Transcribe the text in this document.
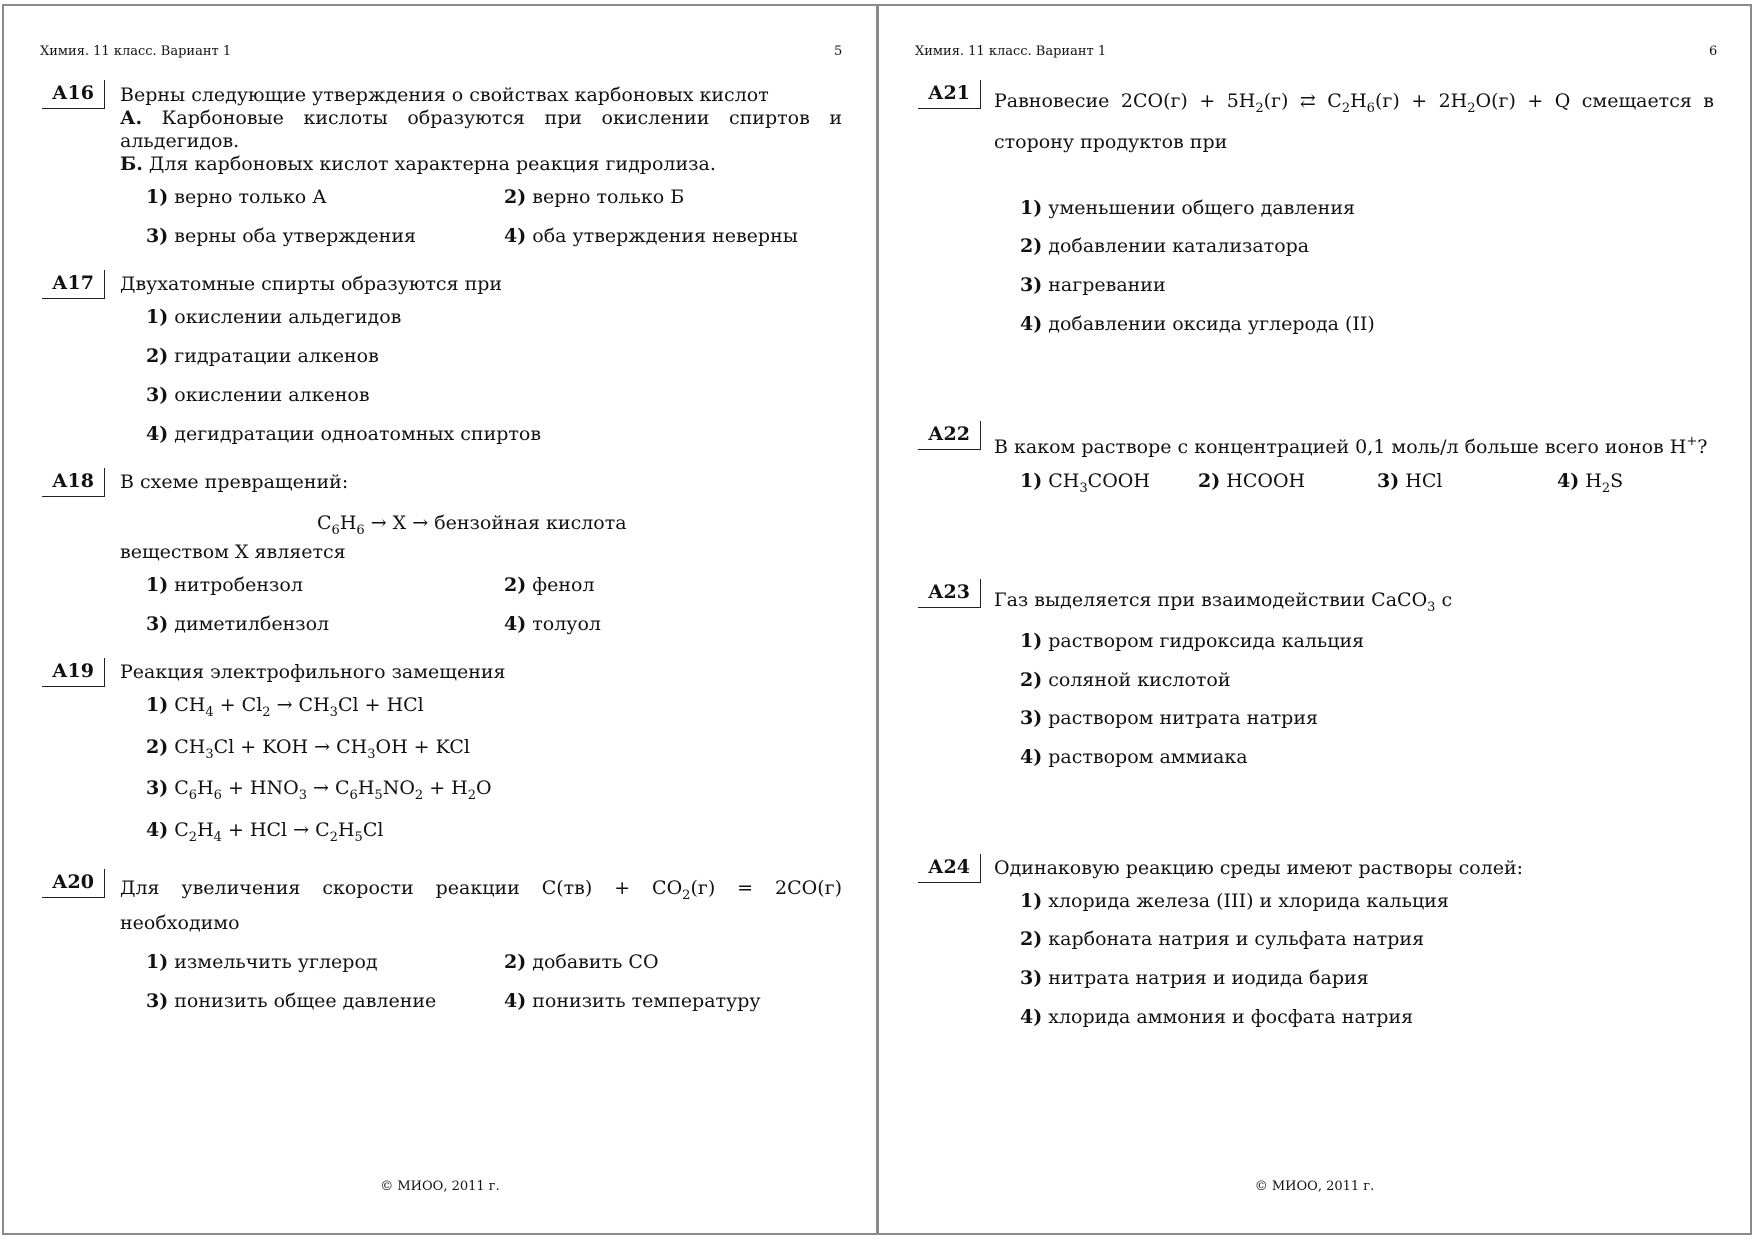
Химия. 11 класс. Вариант 1	5
А16	Верны следующие утверждения о свойствах карбоновых кислот
А. Карбоновые кислоты образуются при окислении спиртов и
альдегидов.
Б. Для карбоновых кислот характерна реакция гидролиза.
1) верно только А	2) верно только Б
3) верны оба утверждения	4) оба утверждения неверны
А17	Двухатомные спирты образуются при
1) окислении альдегидов
2) гидратации алкенов
3) окислении алкенов
4) дегидратации одноатомных спиртов
А18	В схеме превращений:
$C_6H_6 \to X$ → бензойная кислота
веществом X является
1) нитробензол	2) фенол
3) диметилбензол	4) толуол
А19	Реакция электрофильного замещения
1) $CH_4 + Cl_2 \to CH_3Cl$ + HCl
2) $CH_3Cl$ + KOH → $CH_3OH$ + KCl
3) $C_6H_6 + HNO_3 \to C_6H_5NO_2 + H_2O$
4) $C_2H_4$ + HCl → $C_2H_5Cl$
А20	Для увеличения скорости реакции $C(тв) + CO_2(г) = 2CO(г)$
необходимо
1) измельчить углерод	2) добавить CO
3) понизить общее давление	4) понизить температуру
© МИОО, 2011 г.
Химия. 11 класс. Вариант 1	6
А21	Равновесие $2CO(г) + 5H_2(г)$ ⇄ $C_2H_6(г) + 2H_2O(г) + Q$ смещается в
сторону продуктов при
1) уменьшении общего давления
2) добавлении катализатора
3) нагревании
4) добавлении оксида углерода (II)
А22
В каком растворе с концентрацией 0,1 моль/л больше всего ионов H+?
1) $CH_3COOH$	2) HCOOH	3) HCl	4) $H_2S$
А23	Газ выделяется при взаимодействии CaCO$_3$ с
1) раствором гидроксида кальция
2) соляной кислотой
3) раствором нитрата натрия
4) раствором аммиака
А24	Одинаковую реакцию среды имеют растворы солей:
1) хлорида железа (III) и хлорида кальция
2) карбоната натрия и сульфата натрия
3) нитрата натрия и иодида бария
4) хлорида аммония и фосфата натрия
© МИОО, 2011 г.
